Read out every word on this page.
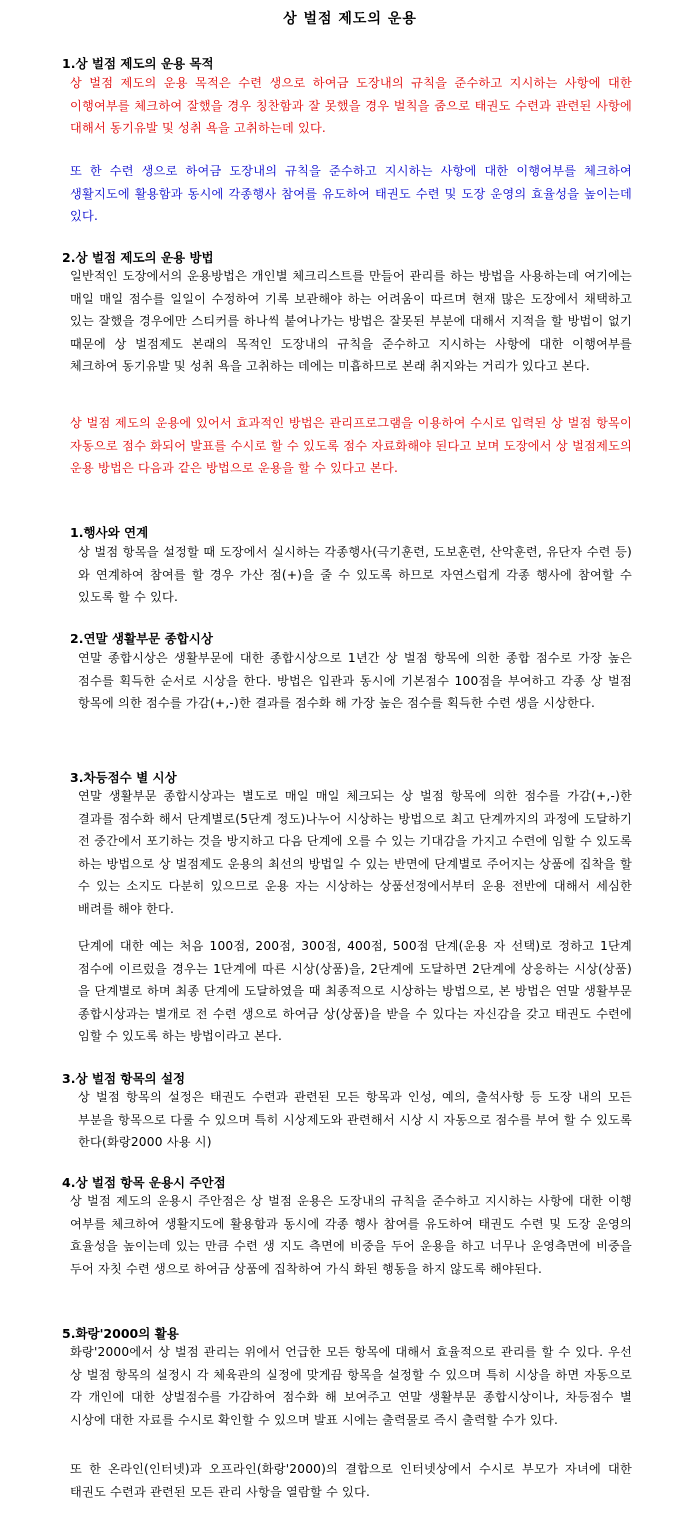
상 벌점 제도의 운용
1.상 벌점 제도의 운용 목적
상 벌점 제도의 운용 목적은 수련 생으로 하여금 도장내의 규칙을 준수하고 지시하는 사항에 대한 이행여부를 체크하여 잘했을 경우 칭찬함과 잘 못했을 경우 벌칙을 줌으로 태권도 수련과 관련된 사항에 대해서 동기유발 및 성취 욕을 고취하는데 있다.
또 한 수련 생으로 하여금 도장내의 규칙을 준수하고 지시하는 사항에 대한 이행여부를 체크하여 생활지도에 활용함과 동시에 각종행사 참여를 유도하여 태권도 수련 및 도장 운영의 효율성을 높이는데 있다.
2.상 벌점 제도의 운용 방법
일반적인 도장에서의 운용방법은 개인별 체크리스트를 만들어 관리를 하는 방법을 사용하는데 여기에는 매일 매일 점수를 일일이 수정하여 기록 보관해야 하는 어려움이 따르며 현재 많은 도장에서 채택하고 있는 잘했을 경우에만 스티커를 하나씩 붙여나가는 방법은 잘못된 부분에 대해서 지적을 할 방법이 없기 때문에 상 벌점제도 본래의 목적인 도장내의 규칙을 준수하고 지시하는 사항에 대한 이행여부를 체크하여 동기유발 및 성취 욕을 고취하는 데에는 미흡하므로 본래 취지와는 거리가 있다고 본다.
상 벌점 제도의 운용에 있어서 효과적인 방법은 관리프로그램을 이용하여 수시로 입력된 상 벌점 항목이 자동으로 점수 화되어 발표를 수시로 할 수 있도록 점수 자료화해야 된다고 보며 도장에서 상 벌점제도의 운용 방법은 다음과 같은 방법으로 운용을 할 수 있다고 본다.
1.행사와 연계
상 벌점 항목을 설정할 때 도장에서 실시하는 각종행사(극기훈련, 도보훈련, 산악훈련, 유단자 수련 등)와 연계하여 참여를 할 경우 가산 점(+)을 줄 수 있도록 하므로 자연스럽게 각종 행사에 참여할 수 있도록 할 수 있다.
2.연말 생활부문 종합시상
연말 종합시상은 생활부문에 대한 종합시상으로 1년간 상 벌점 항목에 의한 종합 점수로 가장 높은 점수를 획득한 순서로 시상을 한다. 방법은 입관과 동시에 기본점수 100점을 부여하고 각종 상 벌점 항목에 의한 점수를 가감(+,-)한 결과를 점수화 해 가장 높은 점수를 획득한 수련 생을 시상한다.
3.차등점수 별 시상
연말 생활부문 종합시상과는 별도로 매일 매일 체크되는 상 벌점 항목에 의한 점수를 가감(+,-)한 결과를 점수화 해서 단계별로(5단계 정도)나누어 시상하는 방법으로 최고 단계까지의 과정에 도달하기 전 중간에서 포기하는 것을 방지하고 다음 단계에 오를 수 있는 기대감을 가지고 수련에 임할 수 있도록 하는 방법으로 상 벌점제도 운용의 최선의 방법일 수 있는 반면에 단계별로 주어지는 상품에 집착을 할 수 있는 소지도 다분히 있으므로 운용 자는 시상하는 상품선정에서부터 운용 전반에 대해서 세심한 배려를 해야 한다.
단계에 대한 예는 처음 100점, 200점, 300점, 400점, 500점 단계(운용 자 선택)로 정하고 1단계 점수에 이르렀을 경우는 1단계에 따른 시상(상품)을, 2단계에 도달하면 2단계에 상응하는 시상(상품)을 단계별로 하며 최종 단계에 도달하였을 때 최종적으로 시상하는 방법으로, 본 방법은 연말 생활부문 종합시상과는 별개로 전 수련 생으로 하여금 상(상품)을 받을 수 있다는 자신감을 갖고 태권도 수련에 임할 수 있도록 하는 방법이라고 본다.
3.상 벌점 항목의 설정
상 벌점 항목의 설정은 태권도 수련과 관련된 모든 항목과 인성, 예의, 출석사항 등 도장 내의 모든 부분을 항목으로 다룰 수 있으며 특히 시상제도와 관련해서 시상 시 자동으로 점수를 부여 할 수 있도록 한다(화랑2000 사용 시)
4.상 벌점 항목 운용시 주안점
상 벌점 제도의 운용시 주안점은 상 벌점 운용은 도장내의 규칙을 준수하고 지시하는 사항에 대한 이행 여부를 체크하여 생활지도에 활용함과 동시에 각종 행사 참여를 유도하여 태권도 수련 및 도장 운영의 효율성을 높이는데 있는 만큼 수련 생 지도 측면에 비중을 두어 운용을 하고 너무나 운영측면에 비중을 두어 자칫 수련 생으로 하여금 상품에 집착하여 가식 화된 행동을 하지 않도록 해야된다.
5.화랑'2000의 활용
화랑'2000에서 상 벌점 관리는 위에서 언급한 모든 항목에 대해서 효율적으로 관리를 할 수 있다. 우선 상 벌점 항목의 설정시 각 체육관의 실정에 맞게끔 항목을 설정할 수 있으며 특히 시상을 하면 자동으로 각 개인에 대한 상벌점수를 가감하여 점수화 해 보여주고 연말 생활부문 종합시상이나, 차등점수 별 시상에 대한 자료를 수시로 확인할 수 있으며 발표 시에는 출력물로 즉시 출력할 수가 있다.
또 한 온라인(인터넷)과 오프라인(화랑'2000)의 결합으로 인터넷상에서 수시로 부모가 자녀에 대한 태권도 수련과 관련된 모든 관리 사항을 열람할 수 있다.
